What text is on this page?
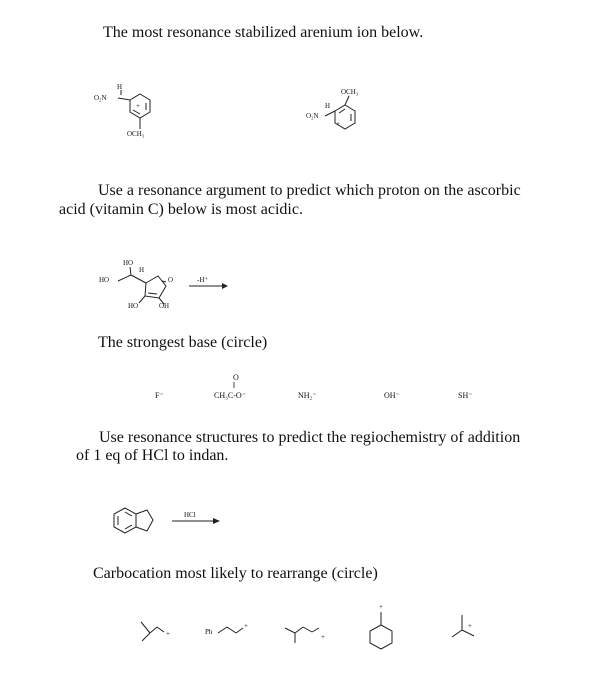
The most resonance stabilized arenium ion below.
H
O₂N
+
OCH₃
OCH₃
H
O₂N
+
Use a resonance argument to predict which proton on the ascorbic
acid (vitamin C) below is most acidic.
HO
H
HO	O
HO	OH
-H⁺
The strongest base (circle)
F⁻
O
‖
CH₃C-O⁻	NH₂⁻	OH⁻	SH⁻
Use resonance structures to predict the regiochemistry of addition
of 1 eq of HCl to indan.
HCl
Carbocation most likely to rearrange (circle)
+	Ph
+
+
+
+
